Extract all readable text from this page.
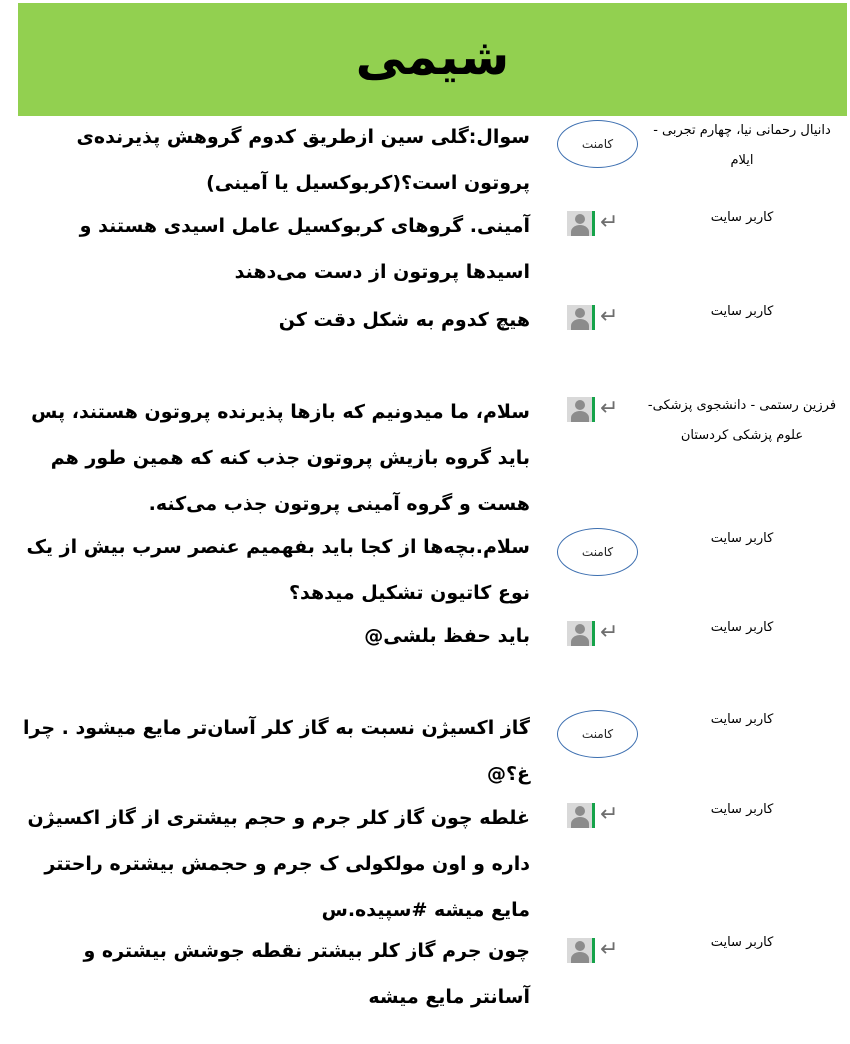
شیمی
دانیال رحمانی نیا، چهارم تجربی - ایلام
کامنت
سوال:گلی سین ازطریق کدوم گروهش پذیرنده‌ی پروتون است؟(کربوکسیل یا آمینی)
کاربر سایت
↵
آمینی. گروهای کربوکسیل عامل اسیدی هستند و اسیدها پروتون از دست می‌دهند
کاربر سایت
↵
هیچ کدوم به شکل دقت کن
فرزین رستمی - دانشجوی پزشکی- علوم پزشکی کردستان
↵
سلام، ما میدونیم که بازها پذیرنده پروتون هستند، پس باید گروه بازیش پروتون جذب کنه که همین طور هم هست و گروه آمینی پروتون جذب می‌کنه.
کاربر سایت
کامنت
سلام.بچه‌ها از کجا باید بفهمیم عنصر سرب بیش از یک نوع کاتیون تشکیل میدهد؟
کاربر سایت
↵
باید حفظ بلشی@
کاربر سایت
کامنت
گاز اکسیژن نسبت به گاز کلر آسان‌تر مایع میشود . چرا غ؟@
کاربر سایت
↵
غلطه چون گاز کلر جرم و حجم بیشتری از گاز اکسیژن داره و اون مولکولی ک جرم و حجمش بیشتره راحتتر مایع میشه #سپیده.س
کاربر سایت
↵
چون جرم گاز کلر بیشتر نقطه جوشش بیشتره و آسانتر مایع میشه
